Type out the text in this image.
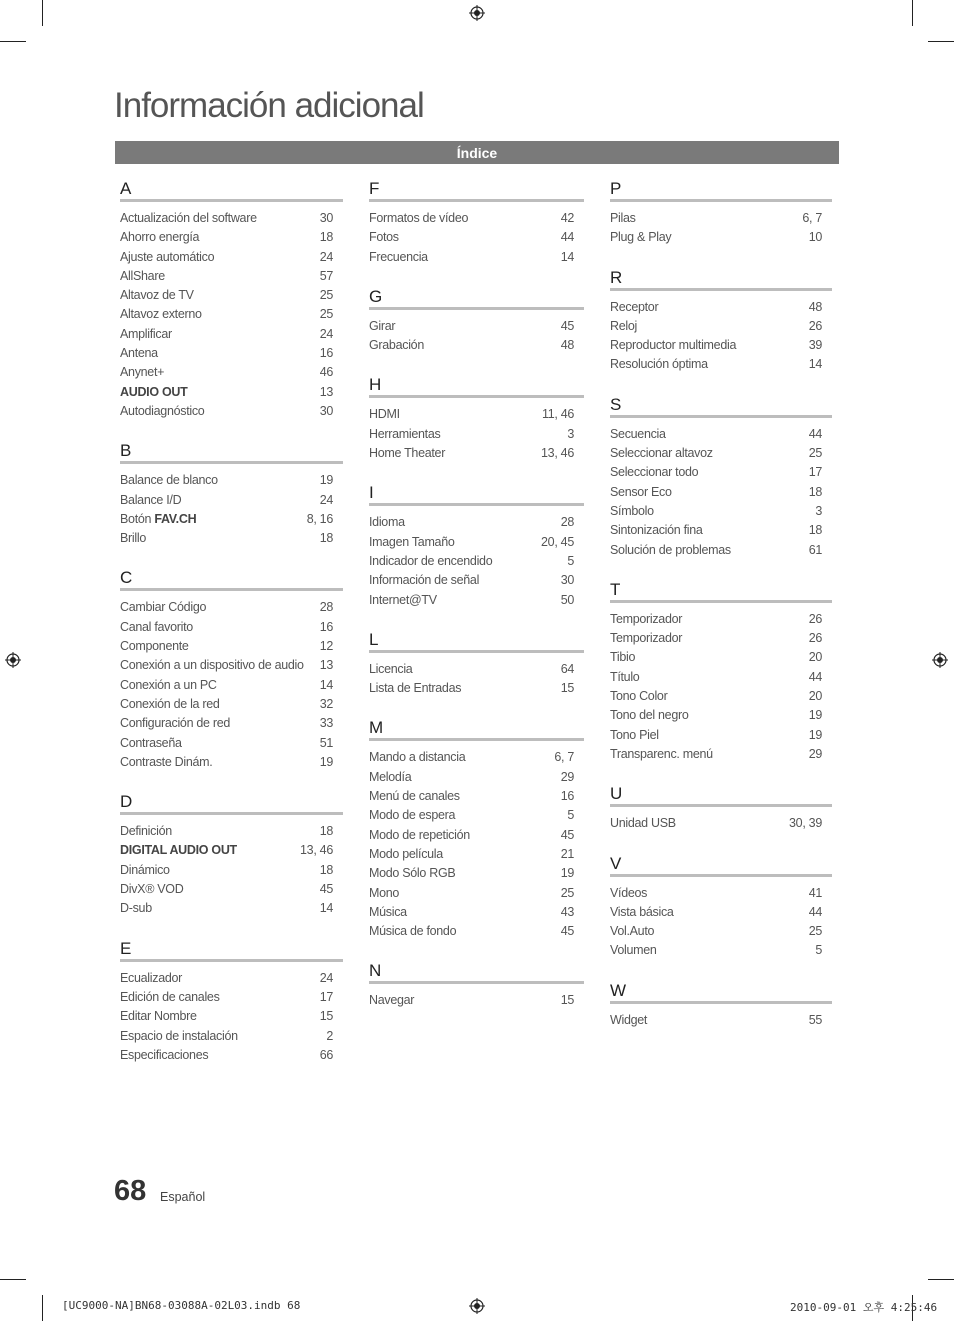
Información adicional
Índice
A
Actualización del software	30
Ahorro energía	18
Ajuste automático	24
AllShare	57
Altavoz de TV	25
Altavoz externo	25
Amplificar	24
Antena	16
Anynet+	46
AUDIO OUT	13
Autodiagnóstico	30
B
Balance de blanco	19
Balance I/D	24
Botón FAV.CH	8, 16
Brillo	18
C
Cambiar Código	28
Canal favorito	16
Componente	12
Conexión a un dispositivo de audio 13
Conexión a un PC	14
Conexión de la red	32
Configuración de red	33
Contraseña	51
Contraste Dinám.	19
D
Definición	18
DIGITAL AUDIO OUT	13, 46
Dinámico	18
DivX® VOD	45
D-sub	14
E
Ecualizador	24
Edición de canales	17
Editar Nombre	15
Espacio de instalación	2
Especificaciones	66
F
Formatos de vídeo	42
Fotos	44
Frecuencia	14
G
Girar	45
Grabación	48
H
HDMI	11, 46
Herramientas	3
Home Theater	13, 46
I
Idioma	28
Imagen Tamaño	20, 45
Indicador de encendido	5
Información de señal	30
Internet@TV	50
L
Licencia	64
Lista de Entradas	15
M
Mando a distancia	6, 7
Melodía	29
Menú de canales	16
Modo de espera	5
Modo de repetición	45
Modo película	21
Modo Sólo RGB	19
Mono	25
Música	43
Música de fondo	45
N
Navegar	15
P
Pilas	6, 7
Plug & Play	10
R
Receptor	48
Reloj	26
Reproductor multimedia	39
Resolución óptima	14
S
Secuencia	44
Seleccionar altavoz	25
Seleccionar todo	17
Sensor Eco	18
Símbolo	3
Sintonización fina	18
Solución de problemas	61
T
Temporizador	26
Temporizador	26
Tibio	20
Título	44
Tono Color	20
Tono del negro	19
Tono Piel	19
Transparenc. menú	29
U
Unidad USB	30, 39
V
Vídeos	41
Vista básica	44
Vol.Auto	25
Volumen	5
W
Widget	55
68 Español
[UC9000-NA]BN68-03088A-02L03.indb 68	2010-09-01 오후 4:25:46
